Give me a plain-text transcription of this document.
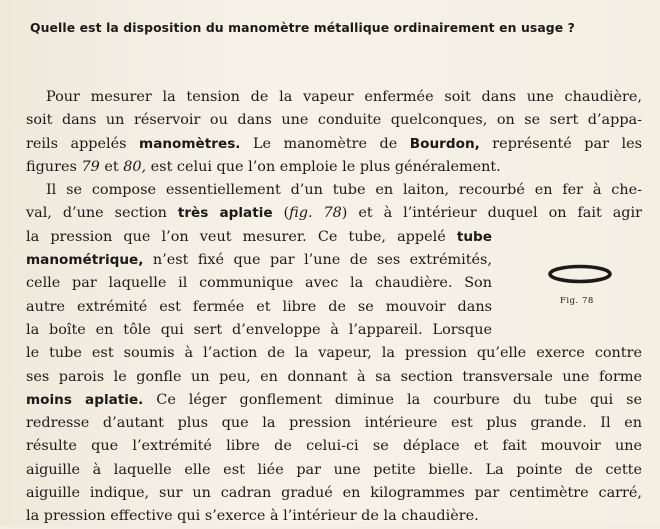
Quelle est la disposition du manomètre métallique ordinairement en usage ?
Pour mesurer la tension de la vapeur enfermée soit dans une chaudière,
soit dans un réservoir ou dans une conduite quelconques, on se sert d’appa-
reils appelés manomètres. Le manomètre de Bourdon, représenté par les
figures 79 et 80, est celui que l’on emploie le plus généralement.
Il se compose essentiellement d’un tube en laiton, recourbé en fer à che-
val, d’une section très aplatie (fig. 78) et à l’intérieur duquel on fait agir
la pression que l’on veut mesurer. Ce tube, appelé tube
manométrique, n’est fixé que par l’une de ses extrémités,
celle par laquelle il communique avec la chaudière. Son
autre extrémité est fermée et libre de se mouvoir dans
la boîte en tôle qui sert d’enveloppe à l’appareil. Lorsque
le tube est soumis à l’action de la vapeur, la pression qu’elle exerce contre
ses parois le gonfle un peu, en donnant à sa section transversale une forme
moins aplatie. Ce léger gonflement diminue la courbure du tube qui se
redresse d’autant plus que la pression intérieure est plus grande. Il en
résulte que l’extrémité libre de celui-ci se déplace et fait mouvoir une
aiguille à laquelle elle est liée par une petite bielle. La pointe de cette
aiguille indique, sur un cadran gradué en kilogrammes par centimètre carré,
la pression effective qui s’exerce à l’intérieur de la chaudière.
Fig. 78
